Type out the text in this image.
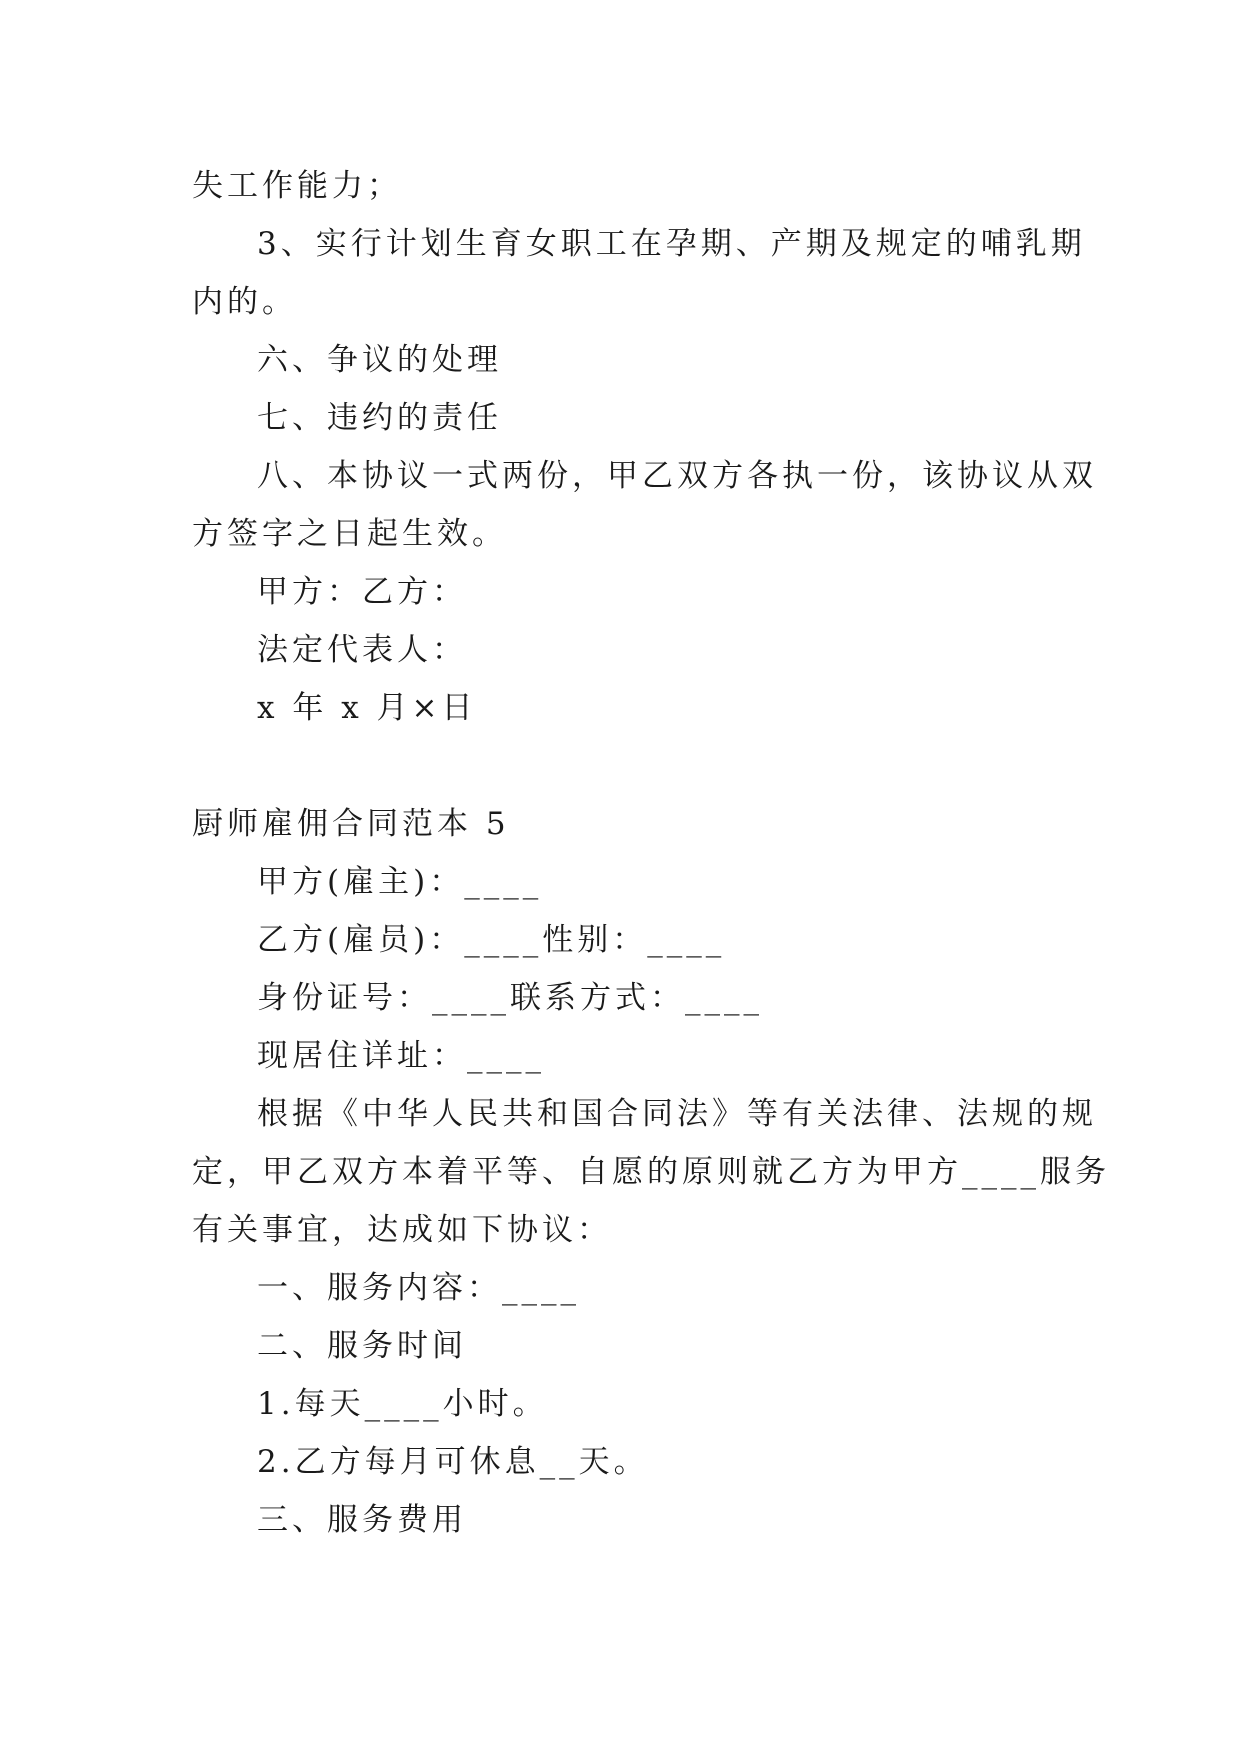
失工作能力；
3、实行计划生育女职工在孕期、产期及规定的哺乳期
内的。
六、争议的处理
七、违约的责任
八、本协议一式两份，甲乙双方各执一份，该协议从双
方签字之日起生效。
甲方：乙方：
法定代表人：
x 年 x 月×日
厨师雇佣合同范本 5
甲方(雇主)：____
乙方(雇员)：____性别：____
身份证号：____联系方式：____
现居住详址：____
根据《中华人民共和国合同法》等有关法律、法规的规
定，甲乙双方本着平等、自愿的原则就乙方为甲方____服务
有关事宜，达成如下协议：
一、服务内容：____
二、服务时间
1.每天____小时。
2.乙方每月可休息__天。
三、服务费用
